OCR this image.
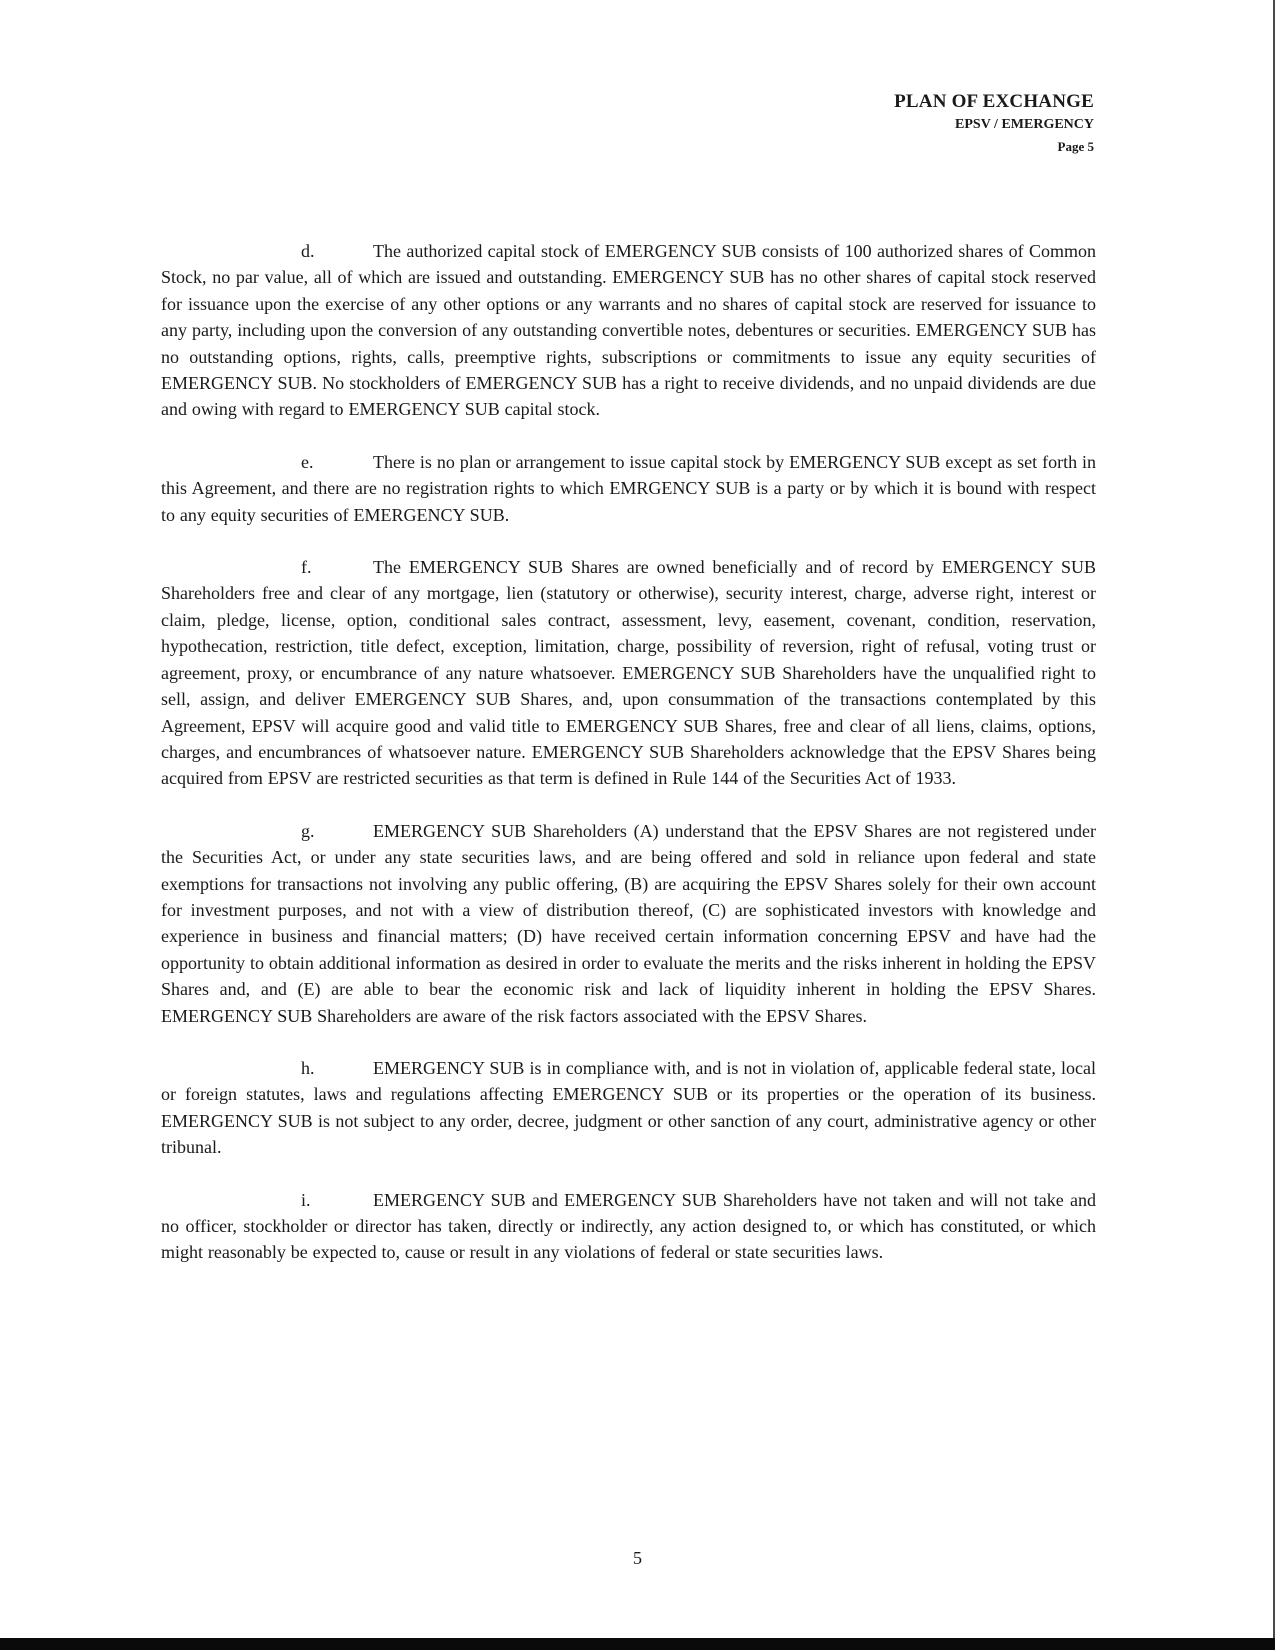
PLAN OF EXCHANGE
EPSV / EMERGENCY
Page 5

d.	The authorized capital stock of EMERGENCY SUB consists of 100 authorized shares of Common Stock, no par value, all of which are issued and outstanding. EMERGENCY SUB has no other shares of capital stock reserved for issuance upon the exercise of any other options or any warrants and no shares of capital stock are reserved for issuance to any party, including upon the conversion of any outstanding convertible notes, debentures or securities. EMERGENCY SUB has no outstanding options, rights, calls, preemptive rights, subscriptions or commitments to issue any equity securities of EMERGENCY SUB. No stockholders of EMERGENCY SUB has a right to receive dividends, and no unpaid dividends are due and owing with regard to EMERGENCY SUB capital stock.

e.	There is no plan or arrangement to issue capital stock by EMERGENCY SUB except as set forth in this Agreement, and there are no registration rights to which EMRGENCY SUB is a party or by which it is bound with respect to any equity securities of EMERGENCY SUB.

f.	The EMERGENCY SUB Shares are owned beneficially and of record by EMERGENCY SUB Shareholders free and clear of any mortgage, lien (statutory or otherwise), security interest, charge, adverse right, interest or claim, pledge, license, option, conditional sales contract, assessment, levy, easement, covenant, condition, reservation, hypothecation, restriction, title defect, exception, limitation, charge, possibility of reversion, right of refusal, voting trust or agreement, proxy, or encumbrance of any nature whatsoever. EMERGENCY SUB Shareholders have the unqualified right to sell, assign, and deliver EMERGENCY SUB Shares, and, upon consummation of the transactions contemplated by this Agreement, EPSV will acquire good and valid title to EMERGENCY SUB Shares, free and clear of all liens, claims, options, charges, and encumbrances of whatsoever nature. EMERGENCY SUB Shareholders acknowledge that the EPSV Shares being acquired from EPSV are restricted securities as that term is defined in Rule 144 of the Securities Act of 1933.

g.	EMERGENCY SUB Shareholders (A) understand that the EPSV Shares are not registered under the Securities Act, or under any state securities laws, and are being offered and sold in reliance upon federal and state exemptions for transactions not involving any public offering, (B) are acquiring the EPSV Shares solely for their own account for investment purposes, and not with a view of distribution thereof, (C) are sophisticated investors with knowledge and experience in business and financial matters; (D) have received certain information concerning EPSV and have had the opportunity to obtain additional information as desired in order to evaluate the merits and the risks inherent in holding the EPSV Shares and, and (E) are able to bear the economic risk and lack of liquidity inherent in holding the EPSV Shares. EMERGENCY SUB Shareholders are aware of the risk factors associated with the EPSV Shares.

h.	EMERGENCY SUB is in compliance with, and is not in violation of, applicable federal state, local or foreign statutes, laws and regulations affecting EMERGENCY SUB or its properties or the operation of its business. EMERGENCY SUB is not subject to any order, decree, judgment or other sanction of any court, administrative agency or other tribunal.

i.	EMERGENCY SUB and EMERGENCY SUB Shareholders have not taken and will not take and no officer, stockholder or director has taken, directly or indirectly, any action designed to, or which has constituted, or which might reasonably be expected to, cause or result in any violations of federal or state securities laws.

5
